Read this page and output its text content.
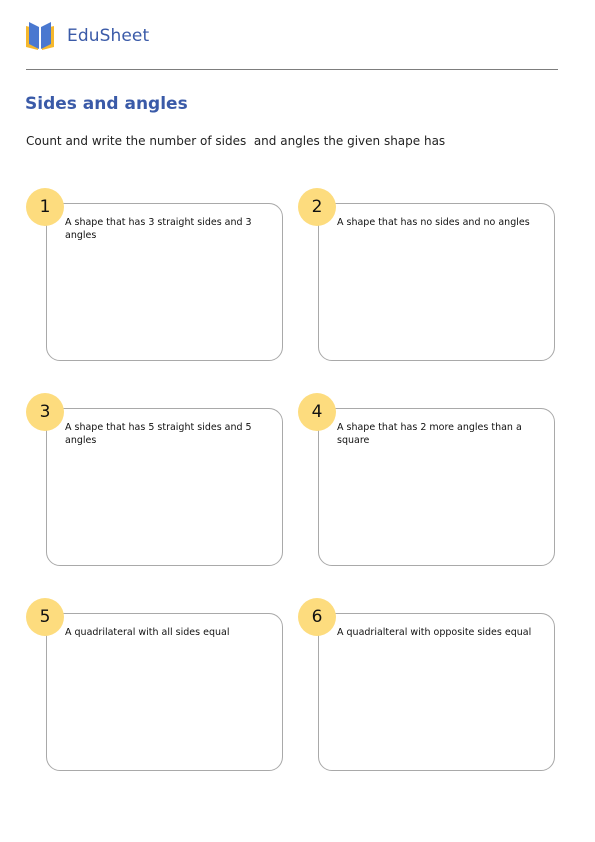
EduSheet
Sides and angles

Count and write the number of sides  and angles the given shape has

A shape that has 3 straight sides and 3 angles
1
A shape that has no sides and no angles
2
A shape that has 5 straight sides and 5 angles
3
A shape that has 2 more angles than a square
4
A quadrilateral with all sides equal
5
A quadrialteral with opposite sides equal
6
